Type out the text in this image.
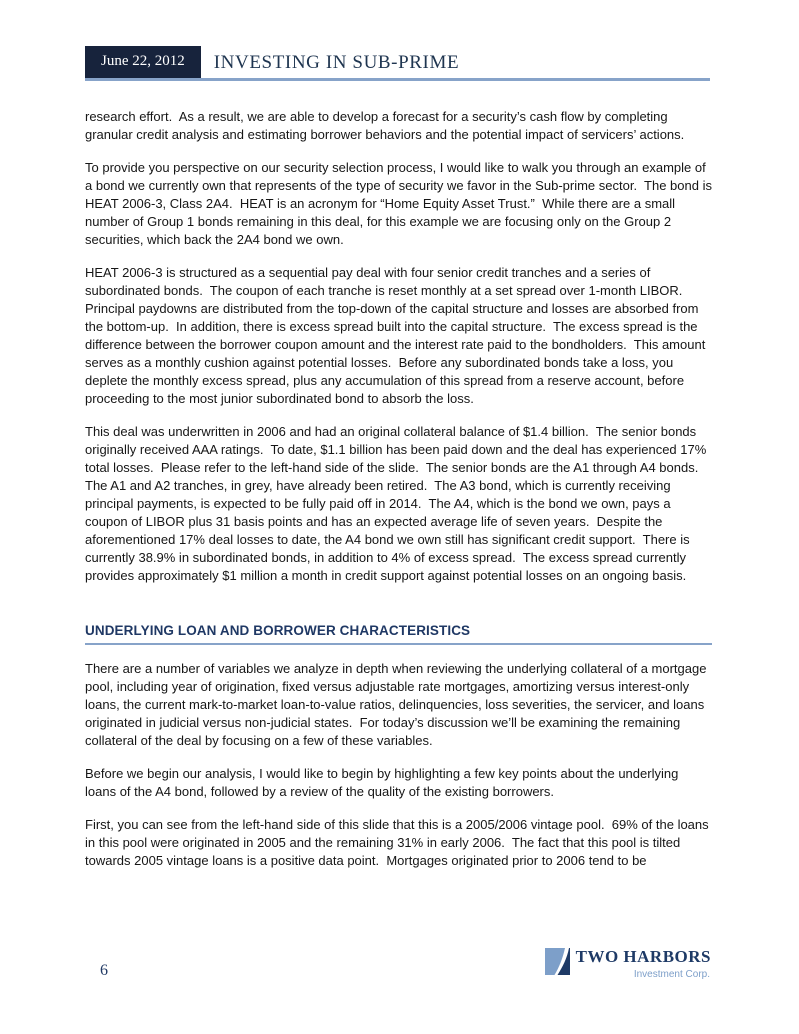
June 22, 2012	INVESTING IN SUB-PRIME

research effort.  As a result, we are able to develop a forecast for a security’s cash flow by completing granular credit analysis and estimating borrower behaviors and the potential impact of servicers’ actions.

To provide you perspective on our security selection process, I would like to walk you through an example of a bond we currently own that represents of the type of security we favor in the Sub-prime sector.  The bond is HEAT 2006-3, Class 2A4.  HEAT is an acronym for “Home Equity Asset Trust.”  While there are a small number of Group 1 bonds remaining in this deal, for this example we are focusing only on the Group 2 securities, which back the 2A4 bond we own.

HEAT 2006-3 is structured as a sequential pay deal with four senior credit tranches and a series of subordinated bonds.  The coupon of each tranche is reset monthly at a set spread over 1-month LIBOR.  Principal paydowns are distributed from the top-down of the capital structure and losses are absorbed from the bottom-up.  In addition, there is excess spread built into the capital structure.  The excess spread is the difference between the borrower coupon amount and the interest rate paid to the bondholders.  This amount serves as a monthly cushion against potential losses.  Before any subordinated bonds take a loss, you deplete the monthly excess spread, plus any accumulation of this spread from a reserve account, before proceeding to the most junior subordinated bond to absorb the loss.

This deal was underwritten in 2006 and had an original collateral balance of $1.4 billion.  The senior bonds originally received AAA ratings.  To date, $1.1 billion has been paid down and the deal has experienced 17% total losses.  Please refer to the left-hand side of the slide.  The senior bonds are the A1 through A4 bonds.  The A1 and A2 tranches, in grey, have already been retired.  The A3 bond, which is currently receiving principal payments, is expected to be fully paid off in 2014.  The A4, which is the bond we own, pays a coupon of LIBOR plus 31 basis points and has an expected average life of seven years.  Despite the aforementioned 17% deal losses to date, the A4 bond we own still has significant credit support.  There is currently 38.9% in subordinated bonds, in addition to 4% of excess spread.  The excess spread currently provides approximately $1 million a month in credit support against potential losses on an ongoing basis.

UNDERLYING LOAN AND BORROWER CHARACTERISTICS

There are a number of variables we analyze in depth when reviewing the underlying collateral of a mortgage pool, including year of origination, fixed versus adjustable rate mortgages, amortizing versus interest-only loans, the current mark-to-market loan-to-value ratios, delinquencies, loss severities, the servicer, and loans originated in judicial versus non-judicial states.  For today’s discussion we’ll be examining the remaining collateral of the deal by focusing on a few of these variables.

Before we begin our analysis, I would like to begin by highlighting a few key points about the underlying loans of the A4 bond, followed by a review of the quality of the existing borrowers.

First, you can see from the left-hand side of this slide that this is a 2005/2006 vintage pool.  69% of the loans in this pool were originated in 2005 and the remaining 31% in early 2006.  The fact that this pool is tilted towards 2005 vintage loans is a positive data point.  Mortgages originated prior to 2006 tend to be

6
TWO HARBORS
Investment Corp.
